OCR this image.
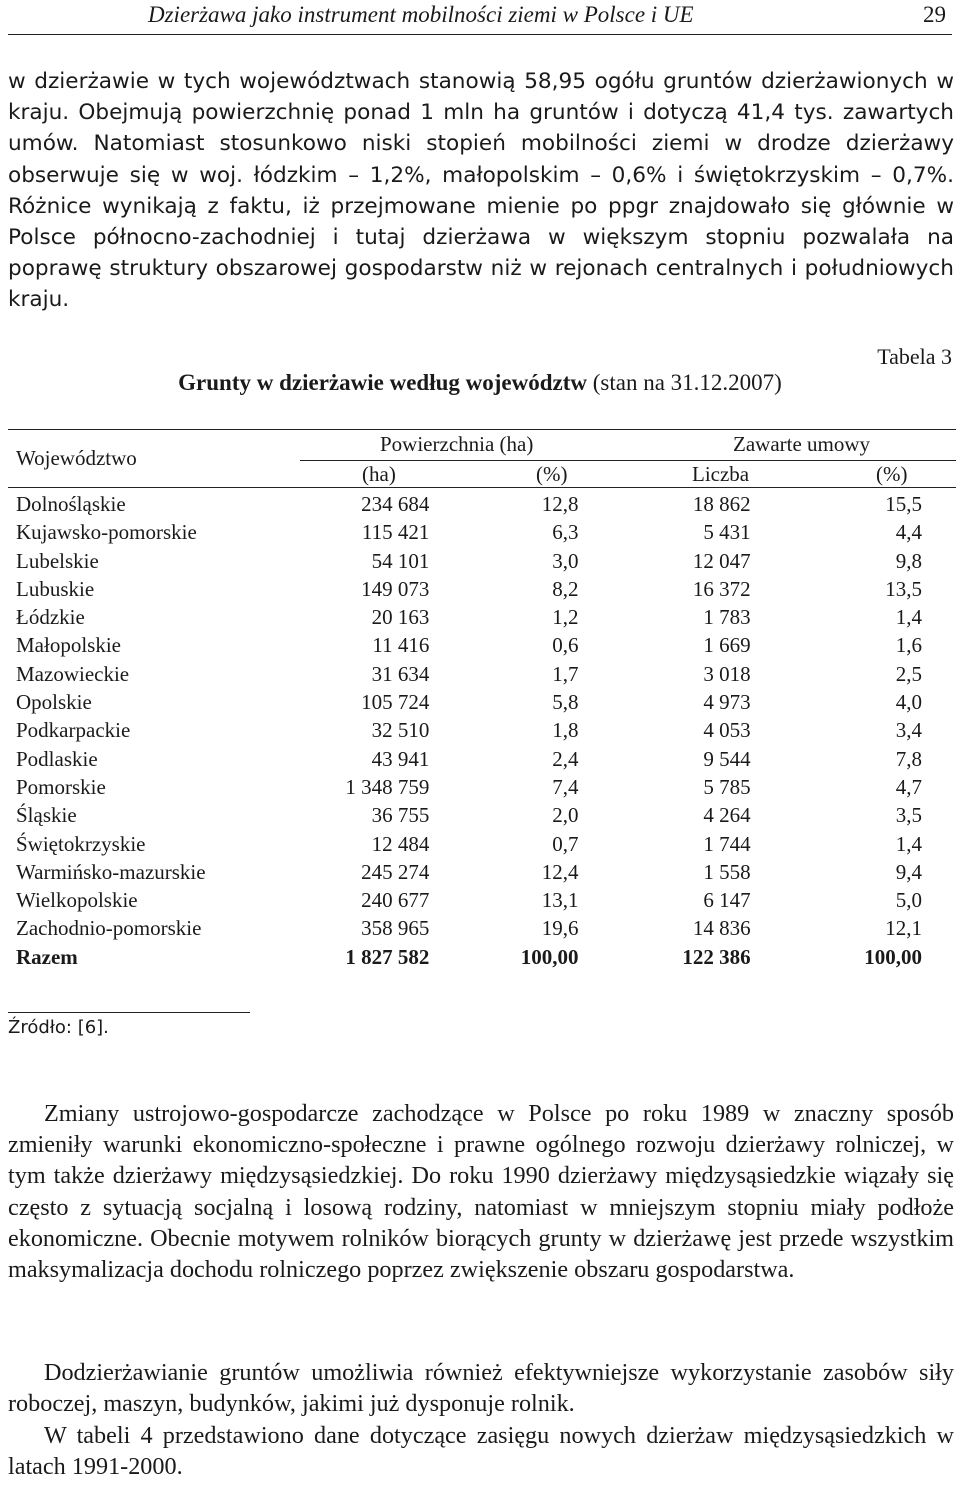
Dzierżawa jako instrument mobilności ziemi w Polsce i UE	29

w dzierżawie w tych województwach stanowią 58,95 ogółu gruntów dzierżawionych w kraju. Obejmują powierzchnię ponad 1 mln ha gruntów i dotyczą 41,4 tys. zawartych umów. Natomiast stosunkowo niski stopień mobilności ziemi w drodze dzierżawy obserwuje się w woj. łódzkim – 1,2%, małopolskim – 0,6% i świętokrzyskim – 0,7%. Różnice wynikają z faktu, iż przejmowane mienie po ppgr znajdowało się głównie w Polsce północno-zachodniej i tutaj dzierżawa w większym stopniu pozwalała na poprawę struktury obszarowej gospodarstw niż w rejonach centralnych i południowych kraju.

Tabela 3
Grunty w dzierżawie według województw (stan na 31.12.2007)
Województwo
Powierzchnia (ha)	Zawarte umowy
(ha)	(%)	Liczba	(%)
Dolnośląskie	234 684	12,8	18 862	15,5
Kujawsko-pomorskie	115 421	6,3	5 431	4,4
Lubelskie	54 101	3,0	12 047	9,8
Lubuskie	149 073	8,2	16 372	13,5
Łódzkie	20 163	1,2	1 783	1,4
Małopolskie	11 416	0,6	1 669	1,6
Mazowieckie	31 634	1,7	3 018	2,5
Opolskie	105 724	5,8	4 973	4,0
Podkarpackie	32 510	1,8	4 053	3,4
Podlaskie	43 941	2,4	9 544	7,8
Pomorskie	1 348 759	7,4	5 785	4,7
Śląskie	36 755	2,0	4 264	3,5
Świętokrzyskie	12 484	0,7	1 744	1,4
Warmińsko-mazurskie	245 274	12,4	1 558	9,4
Wielkopolskie	240 677	13,1	6 147	5,0
Zachodnio-pomorskie	358 965	19,6	14 836	12,1
Razem	1 827 582	100,00	122 386	100,00
Źródło: [6].

Zmiany ustrojowo-gospodarcze zachodzące w Polsce po roku 1989 w znaczny sposób zmieniły warunki ekonomiczno-społeczne i prawne ogólnego rozwoju dzierżawy rolniczej, w tym także dzierżawy międzysąsiedzkiej. Do roku 1990 dzierżawy międzysąsiedzkie wiązały się często z sytuacją socjalną i losową rodziny, natomiast w mniejszym stopniu miały podłoże ekonomiczne. Obecnie motywem rolników biorących grunty w dzierżawę jest przede wszystkim maksymalizacja dochodu rolniczego poprzez zwiększenie obszaru gospodarstwa.

Dodzierżawianie gruntów umożliwia również efektywniejsze wykorzystanie zasobów siły roboczej, maszyn, budynków, jakimi już dysponuje rolnik.

W tabeli 4 przedstawiono dane dotyczące zasięgu nowych dzierżaw międzysąsiedzkich w latach 1991-2000.
